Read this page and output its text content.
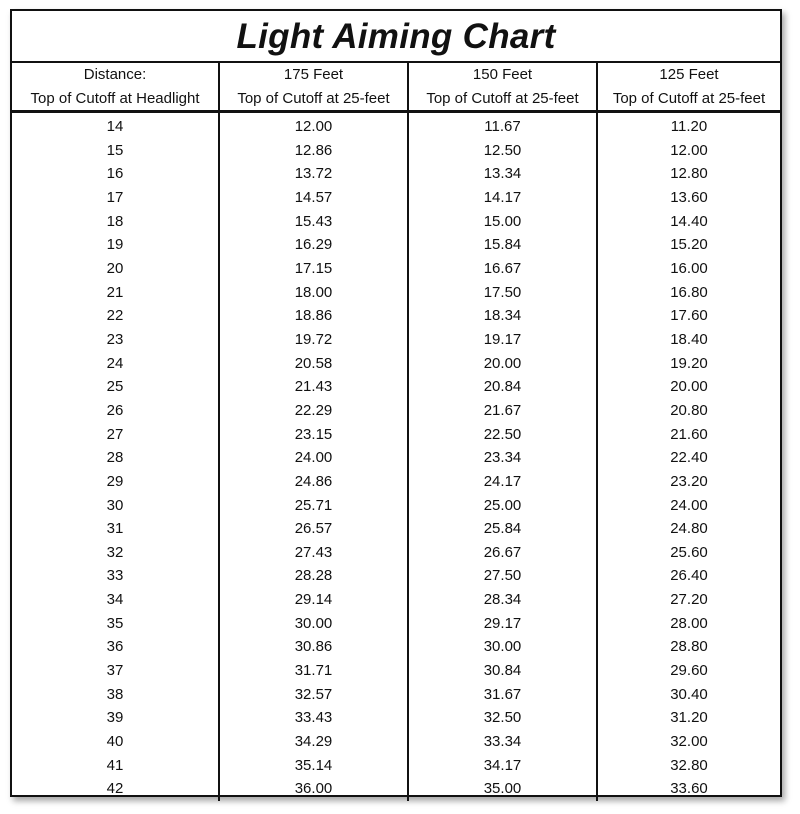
Light Aiming Chart
Distance:	175 Feet	150 Feet	125 Feet
Top of Cutoff at Headlight	Top of Cutoff at 25-feet	Top of Cutoff at 25-feet	Top of Cutoff at 25-feet
14	12.00	11.67	11.20
15	12.86	12.50	12.00
16	13.72	13.34	12.80
17	14.57	14.17	13.60
18	15.43	15.00	14.40
19	16.29	15.84	15.20
20	17.15	16.67	16.00
21	18.00	17.50	16.80
22	18.86	18.34	17.60
23	19.72	19.17	18.40
24	20.58	20.00	19.20
25	21.43	20.84	20.00
26	22.29	21.67	20.80
27	23.15	22.50	21.60
28	24.00	23.34	22.40
29	24.86	24.17	23.20
30	25.71	25.00	24.00
31	26.57	25.84	24.80
32	27.43	26.67	25.60
33	28.28	27.50	26.40
34	29.14	28.34	27.20
35	30.00	29.17	28.00
36	30.86	30.00	28.80
37	31.71	30.84	29.60
38	32.57	31.67	30.40
39	33.43	32.50	31.20
40	34.29	33.34	32.00
41	35.14	34.17	32.80
42	36.00	35.00	33.60
